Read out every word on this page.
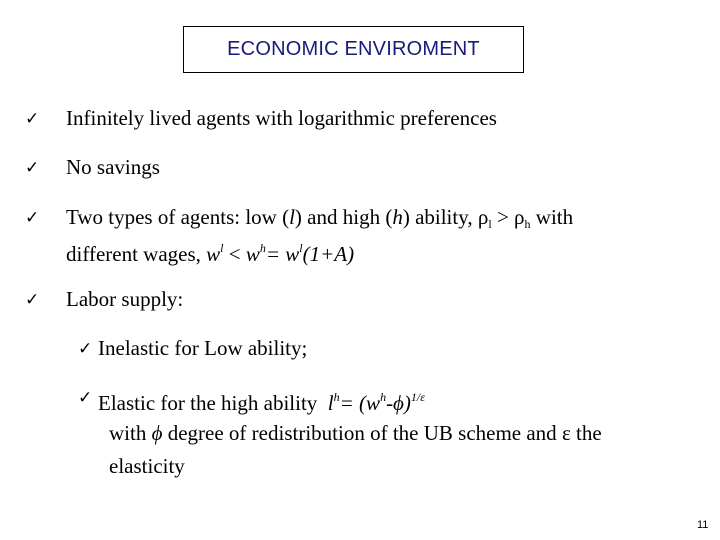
ECONOMIC ENVIROMENT
✓ Infinitely lived agents with logarithmic preferences
✓ No savings
✓ Two types of agents: low (l) and high (h) ability, $\rho_l > \rho_h$ with
different wages, $w^l < w^h= w^l(1+A)$
✓ Labor supply:
✓ Inelastic for Low ability;
✓ Elastic for the high ability $l^h= (w^h-\phi)^{1/\varepsilon}$
with ϕ degree of redistribution of the UB scheme and ε the
elasticity
11
